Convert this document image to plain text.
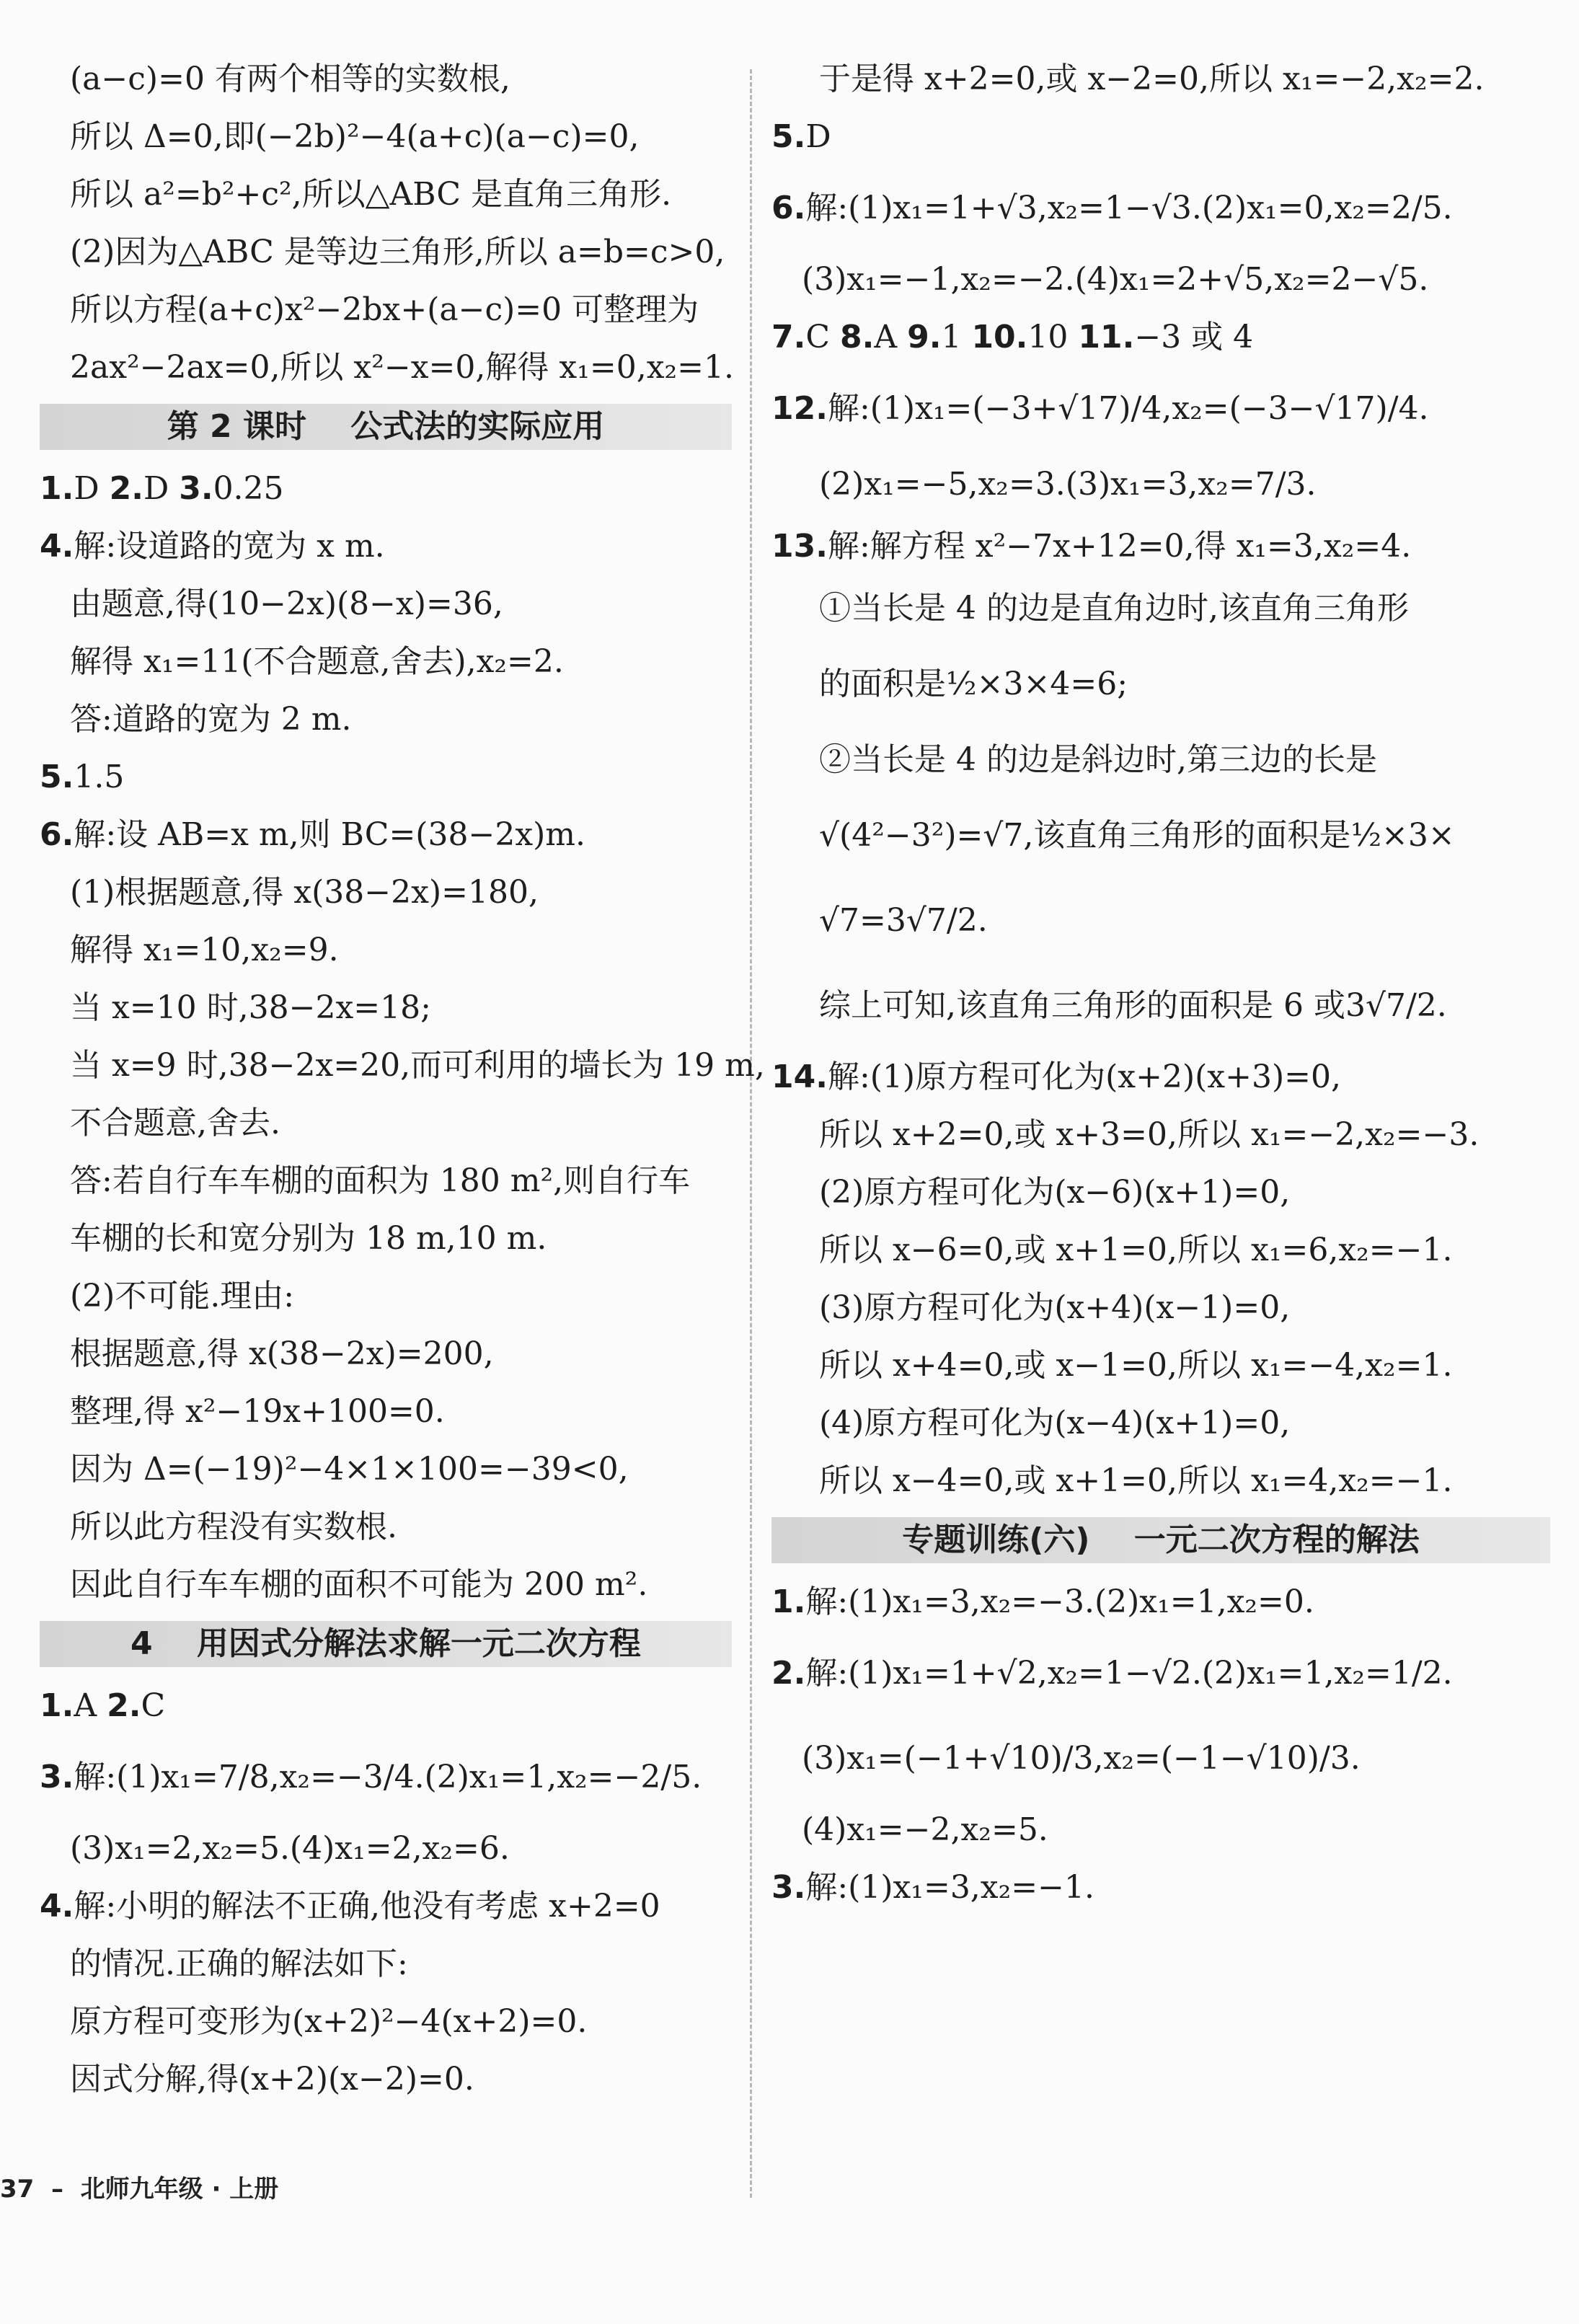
(a−c)=0 有两个相等的实数根,
所以 Δ=0,即(−2b)²−4(a+c)(a−c)=0,
所以 a²=b²+c²,所以△ABC 是直角三角形.
(2)因为△ABC 是等边三角形,所以 a=b=c>0,
所以方程(a+c)x²−2bx+(a−c)=0 可整理为
2ax²−2ax=0,所以 x²−x=0,解得 x₁=0,x₂=1.
第 2 课时    公式法的实际应用
1.D 2.D 3.0.25
4.解:设道路的宽为 x m.
由题意,得(10−2x)(8−x)=36,
解得 x₁=11(不合题意,舍去),x₂=2.
答:道路的宽为 2 m.
5.1.5
6.解:设 AB=x m,则 BC=(38−2x)m.
(1)根据题意,得 x(38−2x)=180,
解得 x₁=10,x₂=9.
当 x=10 时,38−2x=18;
当 x=9 时,38−2x=20,而可利用的墙长为 19 m,
不合题意,舍去.
答:若自行车车棚的面积为 180 m²,则自行车
车棚的长和宽分别为 18 m,10 m.
(2)不可能.理由:
根据题意,得 x(38−2x)=200,
整理,得 x²−19x+100=0.
因为 Δ=(−19)²−4×1×100=−39<0,
所以此方程没有实数根.
因此自行车车棚的面积不可能为 200 m².
4    用因式分解法求解一元二次方程
1.A 2.C
3.解:(1)x₁=7/8,x₂=−3/4.(2)x₁=1,x₂=−2/5.
(3)x₁=2,x₂=5.(4)x₁=2,x₂=6.
4.解:小明的解法不正确,他没有考虑 x+2=0
的情况.正确的解法如下:
原方程可变形为(x+2)²−4(x+2)=0.
因式分解,得(x+2)(x−2)=0.
于是得 x+2=0,或 x−2=0,所以 x₁=−2,x₂=2.
5.D
6.解:(1)x₁=1+√3,x₂=1−√3.(2)x₁=0,x₂=2/5.
(3)x₁=−1,x₂=−2.(4)x₁=2+√5,x₂=2−√5.
7.C 8.A 9.1 10.10 11.−3 或 4
12.解:(1)x₁=(−3+√17)/4,x₂=(−3−√17)/4.
(2)x₁=−5,x₂=3.(3)x₁=3,x₂=7/3.
13.解:解方程 x²−7x+12=0,得 x₁=3,x₂=4.
①当长是 4 的边是直角边时,该直角三角形
的面积是½×3×4=6;
②当长是 4 的边是斜边时,第三边的长是
√(4²−3²)=√7,该直角三角形的面积是½×3×
√7=3√7/2.
综上可知,该直角三角形的面积是 6 或3√7/2.
14.解:(1)原方程可化为(x+2)(x+3)=0,
所以 x+2=0,或 x+3=0,所以 x₁=−2,x₂=−3.
(2)原方程可化为(x−6)(x+1)=0,
所以 x−6=0,或 x+1=0,所以 x₁=6,x₂=−1.
(3)原方程可化为(x+4)(x−1)=0,
所以 x+4=0,或 x−1=0,所以 x₁=−4,x₂=1.
(4)原方程可化为(x−4)(x+1)=0,
所以 x−4=0,或 x+1=0,所以 x₁=4,x₂=−1.
专题训练(六)    一元二次方程的解法
1.解:(1)x₁=3,x₂=−3.(2)x₁=1,x₂=0.
2.解:(1)x₁=1+√2,x₂=1−√2.(2)x₁=1,x₂=1/2.
(3)x₁=(−1+√10)/3,x₂=(−1−√10)/3.
(4)x₁=−2,x₂=5.
3.解:(1)x₁=3,x₂=−1.
37  –  北师九年级 · 上册
